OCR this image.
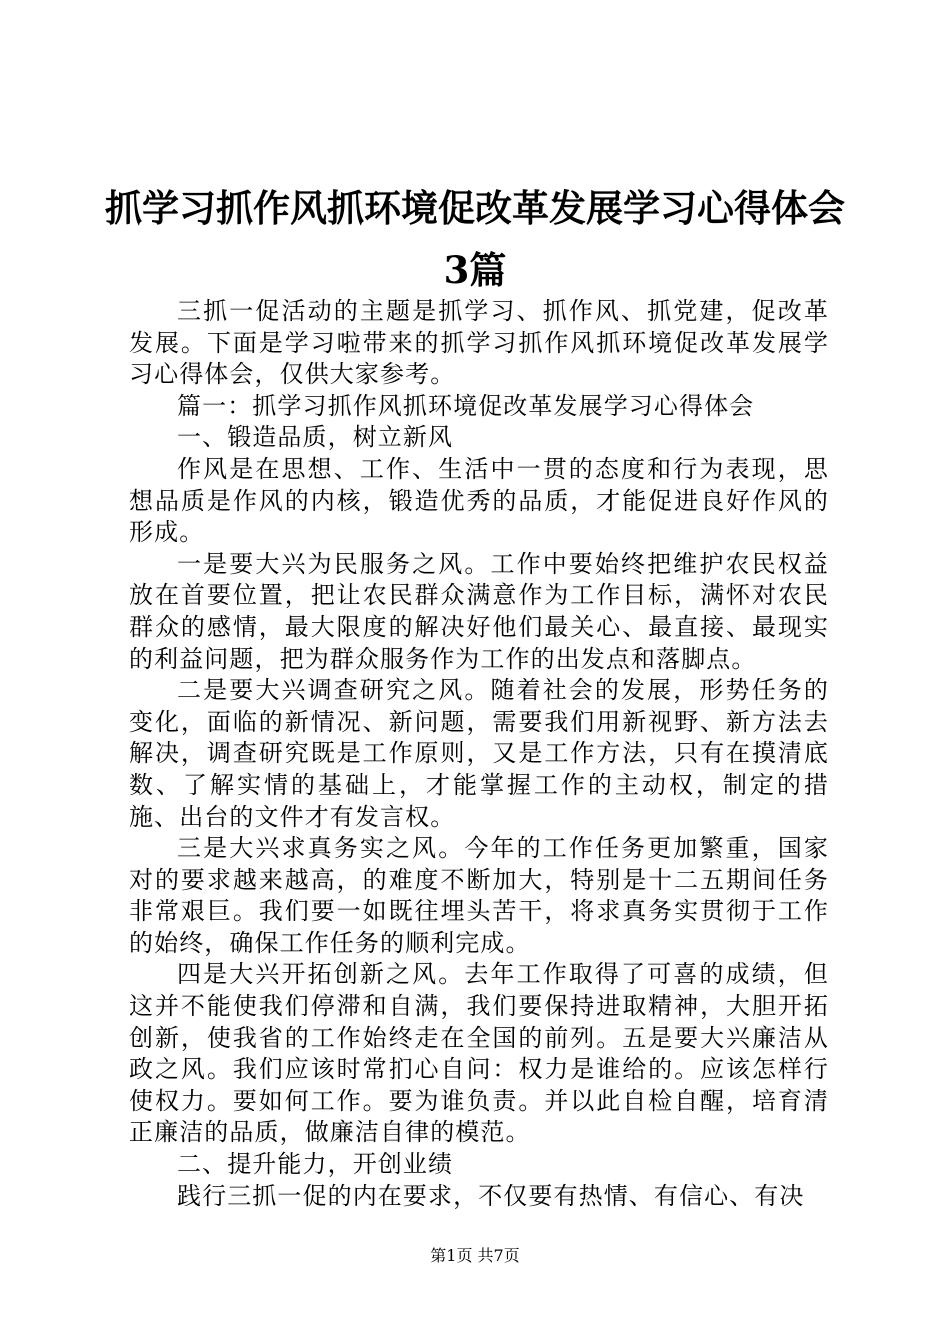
抓学习抓作风抓环境促改革发展学习心得体会
3篇

三抓一促活动的主题是抓学习、抓作风、抓党建，促改革发展。下面是学习啦带来的抓学习抓作风抓环境促改革发展学习心得体会，仅供大家参考。

篇一：抓学习抓作风抓环境促改革发展学习心得体会

一、锻造品质，树立新风

作风是在思想、工作、生活中一贯的态度和行为表现，思想品质是作风的内核，锻造优秀的品质，才能促进良好作风的形成。

一是要大兴为民服务之风。工作中要始终把维护农民权益放在首要位置，把让农民群众满意作为工作目标，满怀对农民群众的感情，最大限度的解决好他们最关心、最直接、最现实的利益问题，把为群众服务作为工作的出发点和落脚点。

二是要大兴调查研究之风。随着社会的发展，形势任务的变化，面临的新情况、新问题，需要我们用新视野、新方法去解决，调查研究既是工作原则，又是工作方法，只有在摸清底数、了解实情的基础上，才能掌握工作的主动权，制定的措施、出台的文件才有发言权。

三是大兴求真务实之风。今年的工作任务更加繁重，国家对的要求越来越高，的难度不断加大，特别是十二五期间任务非常艰巨。我们要一如既往埋头苦干，将求真务实贯彻于工作的始终，确保工作任务的顺利完成。

四是大兴开拓创新之风。去年工作取得了可喜的成绩，但这并不能使我们停滞和自满，我们要保持进取精神，大胆开拓创新，使我省的工作始终走在全国的前列。五是要大兴廉洁从政之风。我们应该时常扪心自问：权力是谁给的。应该怎样行使权力。要如何工作。要为谁负责。并以此自检自醒，培育清正廉洁的品质，做廉洁自律的模范。

二、提升能力，开创业绩

践行三抓一促的内在要求，不仅要有热情、有信心、有决

第1页 共7页
